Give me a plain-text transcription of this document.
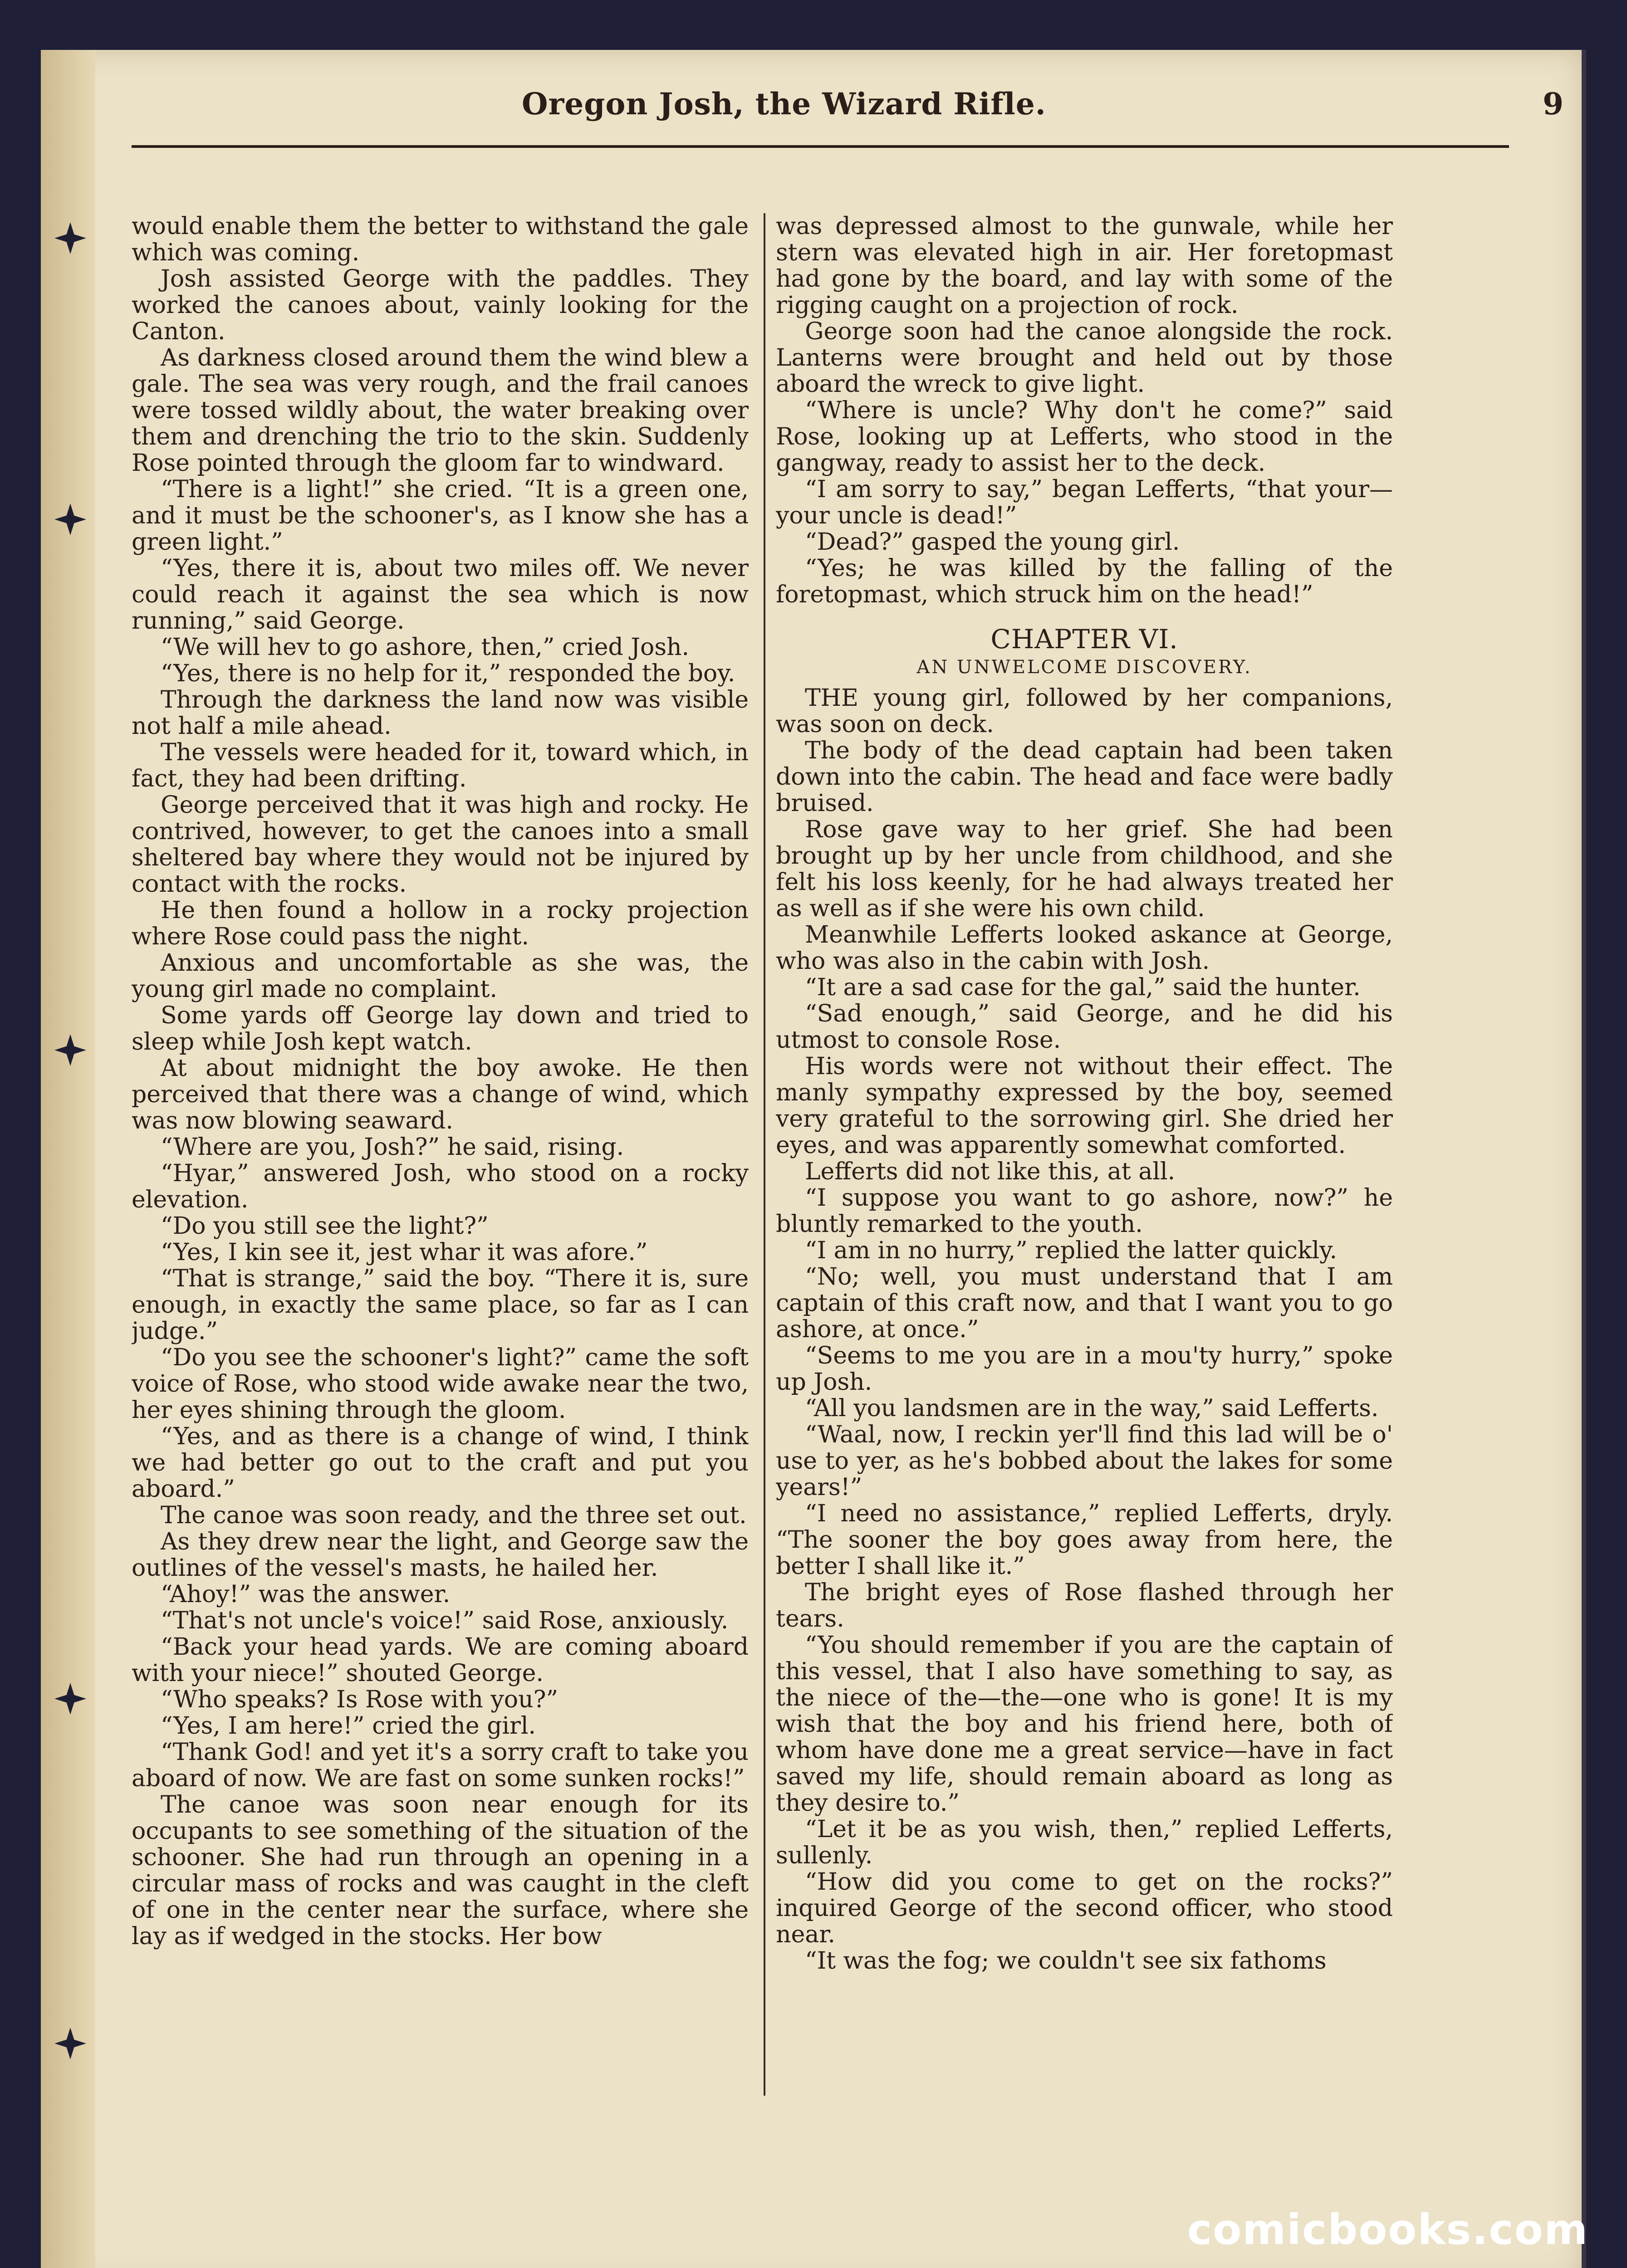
Oregon Josh, the Wizard Rifle.	9

would enable them the better to withstand the gale which was coming.

Josh assisted George with the paddles. They worked the canoes about, vainly looking for the Canton.

As darkness closed around them the wind blew a gale. The sea was very rough, and the frail canoes were tossed wildly about, the water breaking over them and drenching the trio to the skin. Suddenly Rose pointed through the gloom far to windward.

“There is a light!” she cried. “It is a green one, and it must be the schooner's, as I know she has a green light.”

“Yes, there it is, about two miles off. We never could reach it against the sea which is now running,” said George.

“We will hev to go ashore, then,” cried Josh.

“Yes, there is no help for it,” responded the boy.

Through the darkness the land now was visible not half a mile ahead.

The vessels were headed for it, toward which, in fact, they had been drifting.

George perceived that it was high and rocky. He contrived, however, to get the canoes into a small sheltered bay where they would not be injured by contact with the rocks.

He then found a hollow in a rocky projection where Rose could pass the night.

Anxious and uncomfortable as she was, the young girl made no complaint.

Some yards off George lay down and tried to sleep while Josh kept watch.

At about midnight the boy awoke. He then perceived that there was a change of wind, which was now blowing seaward.

“Where are you, Josh?” he said, rising.

“Hyar,” answered Josh, who stood on a rocky elevation.

“Do you still see the light?”

“Yes, I kin see it, jest whar it was afore.”

“That is strange,” said the boy. “There it is, sure enough, in exactly the same place, so far as I can judge.”

“Do you see the schooner's light?” came the soft voice of Rose, who stood wide awake near the two, her eyes shining through the gloom.

“Yes, and as there is a change of wind, I think we had better go out to the craft and put you aboard.”

The canoe was soon ready, and the three set out.

As they drew near the light, and George saw the outlines of the vessel's masts, he hailed her.

“Ahoy!” was the answer.

“That's not uncle's voice!” said Rose, anxiously.

“Back your head yards. We are coming aboard with your niece!” shouted George.

“Who speaks? Is Rose with you?”

“Yes, I am here!” cried the girl.

“Thank God! and yet it's a sorry craft to take you aboard of now. We are fast on some sunken rocks!”

The canoe was soon near enough for its occupants to see something of the situation of the schooner. She had run through an opening in a circular mass of rocks and was caught in the cleft of one in the center near the surface, where she lay as if wedged in the stocks. Her bow

was depressed almost to the gunwale, while her stern was elevated high in air. Her foretopmast had gone by the board, and lay with some of the rigging caught on a projection of rock.

George soon had the canoe alongside the rock. Lanterns were brought and held out by those aboard the wreck to give light.

“Where is uncle? Why don't he come?” said Rose, looking up at Lefferts, who stood in the gangway, ready to assist her to the deck.

“I am sorry to say,” began Lefferts, “that your—your uncle is dead!”

“Dead?” gasped the young girl.

“Yes; he was killed by the falling of the foretopmast, which struck him on the head!”

CHAPTER VI.
AN UNWELCOME DISCOVERY.

THE young girl, followed by her companions, was soon on deck.

The body of the dead captain had been taken down into the cabin. The head and face were badly bruised.

Rose gave way to her grief. She had been brought up by her uncle from childhood, and she felt his loss keenly, for he had always treated her as well as if she were his own child.

Meanwhile Lefferts looked askance at George, who was also in the cabin with Josh.

“It are a sad case for the gal,” said the hunter.

“Sad enough,” said George, and he did his utmost to console Rose.

His words were not without their effect. The manly sympathy expressed by the boy, seemed very grateful to the sorrowing girl. She dried her eyes, and was apparently somewhat comforted.

Lefferts did not like this, at all.

“I suppose you want to go ashore, now?” he bluntly remarked to the youth.

“I am in no hurry,” replied the latter quickly.

“No; well, you must understand that I am captain of this craft now, and that I want you to go ashore, at once.”

“Seems to me you are in a mou'ty hurry,” spoke up Josh.

“All you landsmen are in the way,” said Lefferts.

“Waal, now, I reckin yer'll find this lad will be o' use to yer, as he's bobbed about the lakes for some years!”

“I need no assistance,” replied Lefferts, dryly. “The sooner the boy goes away from here, the better I shall like it.”

The bright eyes of Rose flashed through her tears.

“You should remember if you are the captain of this vessel, that I also have something to say, as the niece of the—the—one who is gone! It is my wish that the boy and his friend here, both of whom have done me a great service—have in fact saved my life, should remain aboard as long as they desire to.”

“Let it be as you wish, then,” replied Lefferts, sullenly.

“How did you come to get on the rocks?” inquired George of the second officer, who stood near.

“It was the fog; we couldn't see six fathoms

comicbooks.com
